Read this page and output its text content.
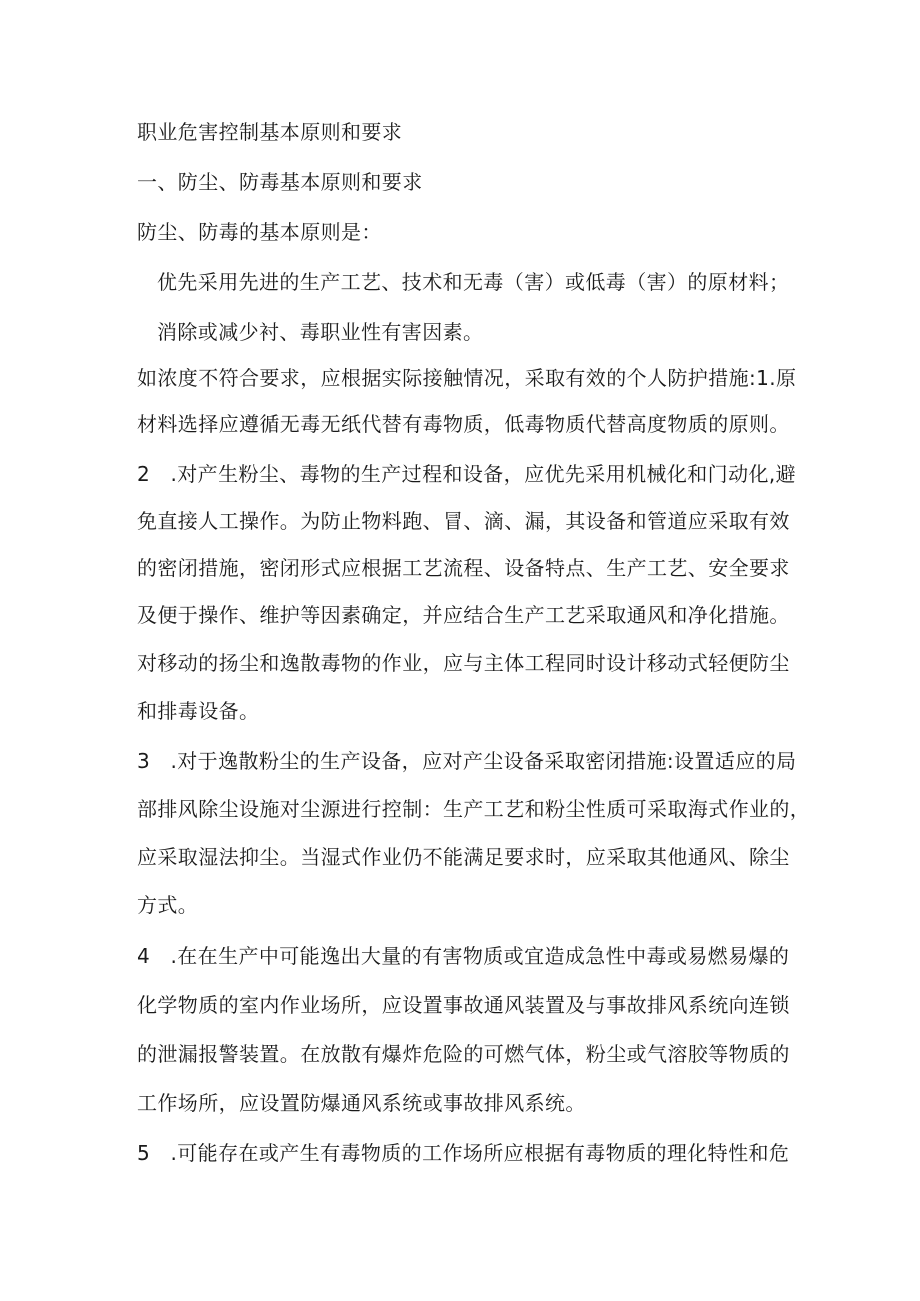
职业危害控制基本原则和要求
一、防尘、防毒基本原则和要求
防尘、防毒的基本原则是：
优先采用先进的生产工艺、技术和无毒（害）或低毒（害）的原材料；
消除或减少衬、毒职业性有害因素。
如浓度不符合要求，应根据实际接触情况，采取有效的个人防护措施:1.原
材料选择应遵循无毒无纸代替有毒物质，低毒物质代替高度物质的原则。
2　.对产生粉尘、毒物的生产过程和设备，应优先采用机械化和门动化,避
免直接人工操作。为防止物料跑、冒、滴、漏，其设备和管道应采取有效
的密闭措施，密闭形式应根据工艺流程、设备特点、生产工艺、安全要求
及便于操作、维护等因素确定，并应结合生产工艺采取通风和净化措施。
对移动的扬尘和逸散毒物的作业，应与主体工程同时设计移动式轻便防尘
和排毒设备。
3　.对于逸散粉尘的生产设备，应对产尘设备采取密闭措施:设置适应的局
部排风除尘设施对尘源进行控制：生产工艺和粉尘性质可采取海式作业的，
应采取湿法抑尘。当湿式作业仍不能满足要求时，应采取其他通风、除尘
方式。
4　.在在生产中可能逸出大量的有害物质或宜造成急性中毒或易燃易爆的
化学物质的室内作业场所，应设置事故通风装置及与事故排风系统向连锁
的泄漏报警装置。在放散有爆炸危险的可燃气体，粉尘或气溶胶等物质的
工作场所，应设置防爆通风系统或事故排风系统。
5　.可能存在或产生有毒物质的工作场所应根据有毒物质的理化特性和危
